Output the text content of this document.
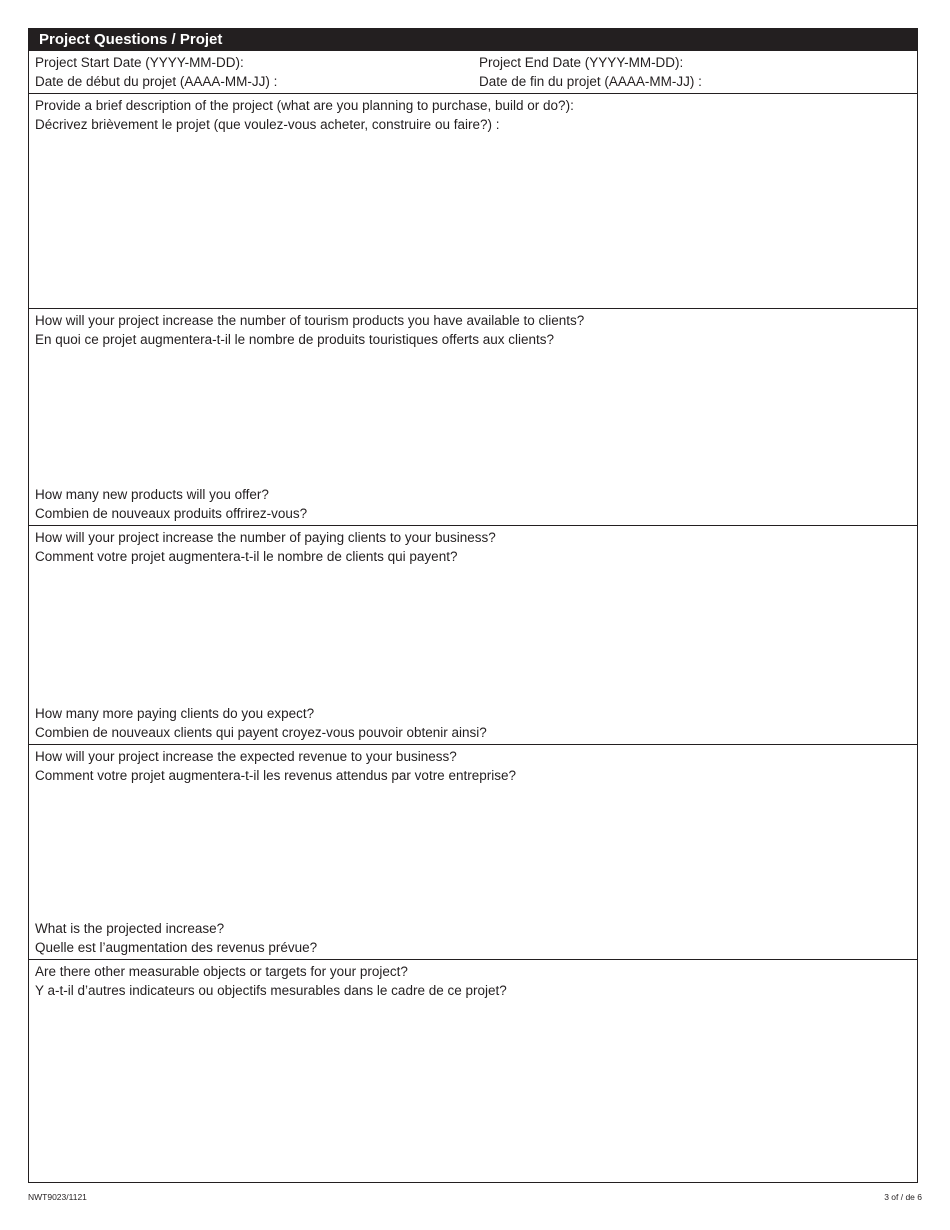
Project Questions / Projet
Project Start Date (YYYY-MM-DD):
Date de début du projet (AAAA-MM-JJ) :
Project End Date (YYYY-MM-DD):
Date de fin du projet (AAAA-MM-JJ) :
Provide a brief description of the project (what are you planning to purchase, build or do?):
Décrivez brièvement le projet (que voulez-vous acheter, construire ou faire?) :
How will your project increase the number of tourism products you have available to clients?
En quoi ce projet augmentera-t-il le nombre de produits touristiques offerts aux clients?
How many new products will you offer?
Combien de nouveaux produits offrirez-vous?
How will your project increase the number of paying clients to your business?
Comment votre projet augmentera-t-il le nombre de clients qui payent?
How many more paying clients do you expect?
Combien de nouveaux clients qui payent croyez-vous pouvoir obtenir ainsi?
How will your project increase the expected revenue to your business?
Comment votre projet augmentera-t-il les revenus attendus par votre entreprise?
What is the projected increase?
Quelle est l’augmentation des revenus prévue?
Are there other measurable objects or targets for your project?
Y a-t-il d’autres indicateurs ou objectifs mesurables dans le cadre de ce projet?
NWT9023/1121	3 of / de 6
